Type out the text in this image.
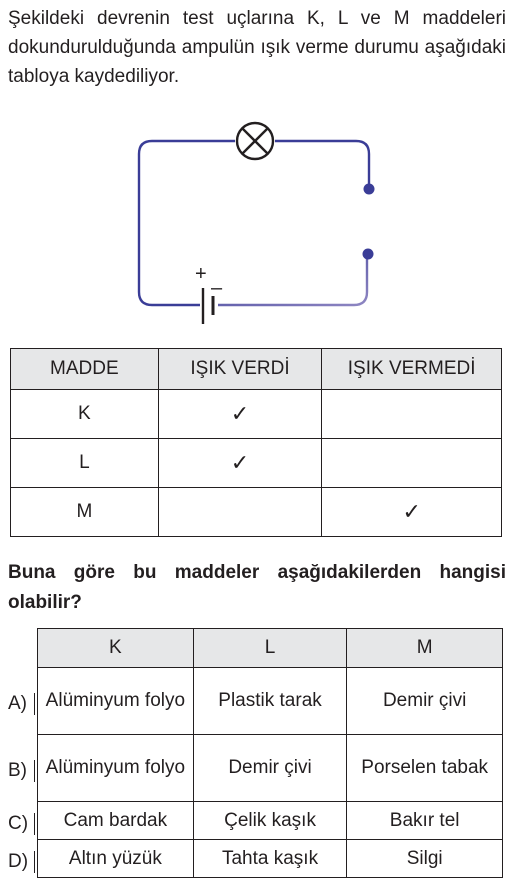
Şekildeki devrenin test uçlarına K, L ve M maddeleri dokundurulduğunda ampulün ışık verme durumu aşağıdaki tabloya kaydediliyor.
+
–
MADDE	IŞIK VERDİ	IŞIK VERMEDİ
K	✓	
L	✓	
M		✓
Buna göre bu maddeler aşağıdakilerden hangisi olabilir?
K	L	M
Alüminyum folyo	Plastik tarak	Demir çivi
Alüminyum folyo	Demir çivi	Porselen tabak
Cam bardak	Çelik kaşık	Bakır tel
Altın yüzük	Tahta kaşık	Silgi
A)
B)
C)
D)
